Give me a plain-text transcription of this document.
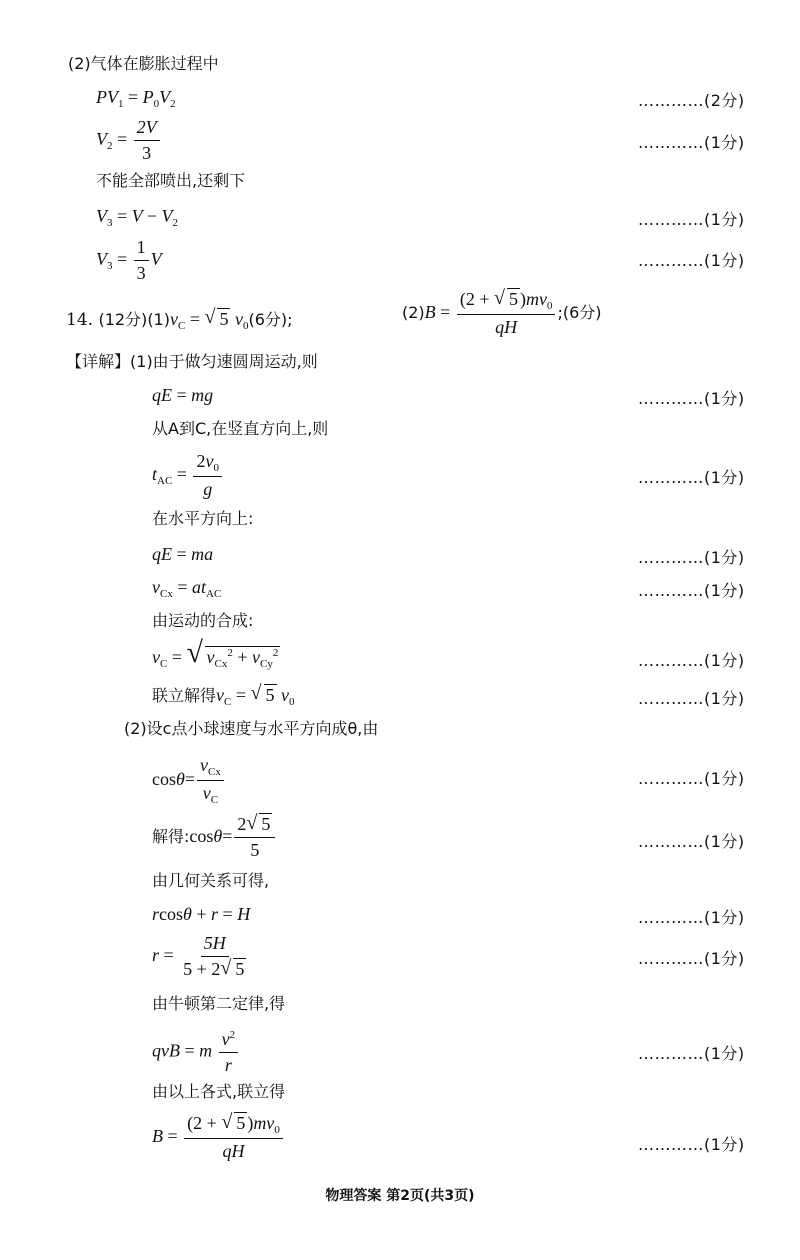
(2)气体在膨胀过程中
$PV_1 = P_0V_2$	…………(2分)
$V_2 = \frac{2V}{3}$	…………(1分)
不能全部喷出,还剩下
$V_3 = V - V_2$	…………(1分)
$V_3 = \frac{1}{3}$ V	…………(1分)
14. (12分)$(1)v_C$ = √ 5 $v_0(6$分);	$(2)B = \frac{(2 + √ 5 )mv_0}{qH}$ ;(6分)
【详解】(1)由于做匀速圆周运动,则
qE = mg	…………(1分)
从A到C,在竖直方向上,则
$t_{AC} = \frac{2v_0}{g}$	…………(1分)
在水平方向上:
qE = ma	…………(1分)
$v_{Cx} = at_{AC}$	…………(1分)
由运动的合成:
$v_C$ = √ $v_{Cx}^2 + v_{Cy}^2$	…………(1分)
联立解得$v_C$ = √ 5 $v_0$	…………(1分)
(2)设c点小球速度与水平方向成θ,由
$\cos\theta= \frac{v_{Cx}}{v_C}$	…………(1分)
解得:cosθ= $\frac{2 √ 5}{5}$	…………(1分)
由几何关系可得,
rcosθ + r = H	…………(1分)
$r = \frac{5H}{5 + 2 √ 5}$	…………(1分)
由牛顿第二定律,得
qvB = m $\frac{v^2}{r}$	…………(1分)
由以上各式,联立得
$B = \frac{(2 + √ 5 )mv_0}{qH}$	…………(1分)
物理答案 第2页(共3页)
